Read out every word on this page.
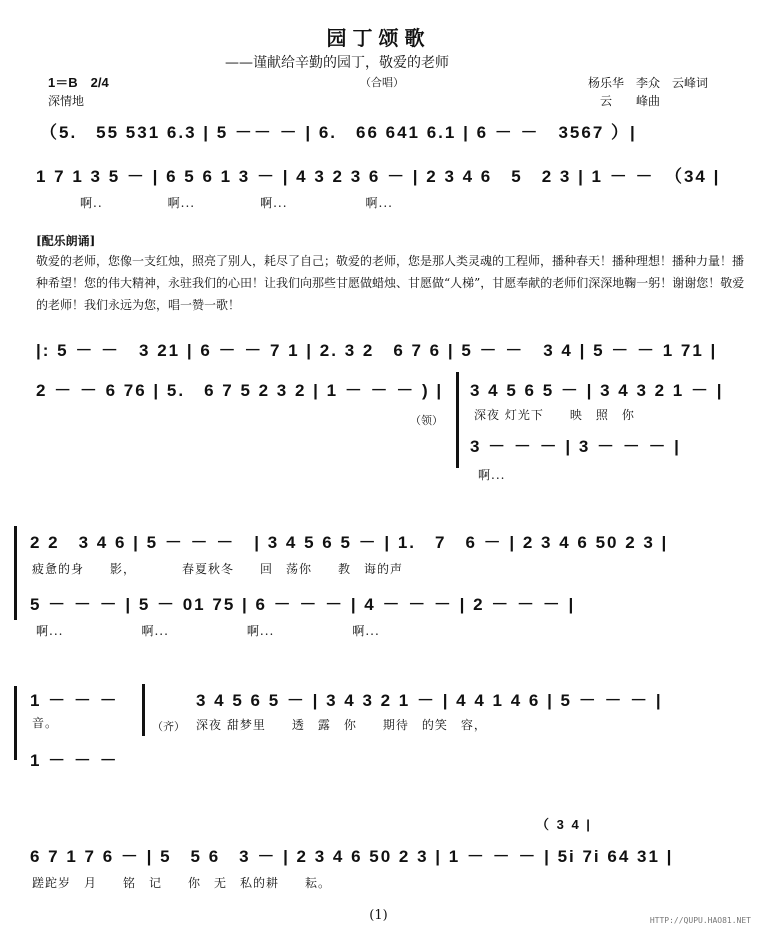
园丁颂歌
——谨献给辛勤的园丁，敬爱的老师
（合唱）
1＝B　2/4
深情地
杨乐华　李众　云峰词
云　　峰曲
（5.　55 531 6.3 | 5 －－ － | 6.　66 641 6.1 | 6 － －　3567 ）|
1 7 1 3 5 － | 6 5 6 1 3 － | 4 3 2 3 6 － | 2 3 4 6　5　2 3 | 1 － －　（34 |
啊..　　　　　啊...　　　　　啊...　　　　　　啊...
[配乐朗诵]
敬爱的老师，您像一支红烛，照亮了别人，耗尽了自己；敬爱的老师，您是那人类灵魂的工程师，播种春天！播种理想！播种力量！播种希望！您的伟大精神，永驻我们的心田！让我们向那些甘愿做蜡烛、甘愿做“人梯”，甘愿奉献的老师们深深地鞠一躬！谢谢您！敬爱的老师！我们永远为您，唱一赞一歌！
|: 5 － －　3 21 | 6 － － 7 1 | 2. 3 2　6 7 6 | 5 － －　3 4 | 5 － － 1 71 |
2 － － 6 76 | 5.　6 7 5 2 3 2 | 1 － － － ) |
（领）
3 4 5 6 5 － | 3 4 3 2 1 － |
深夜 灯光下　　映　照　你
3 － － － | 3 － － － |
啊...
2 2　3 4 6 | 5 － － －　| 3 4 5 6 5 － | 1.　7　6 － | 2 3 4 6 50 2 3 |
疲惫的身　　影，　　　　春夏秋冬　　回　荡你　　教　诲的声
5 － － － | 5 － 01 75 | 6 － － － | 4 － － － | 2 － － － |
啊...　　　　　　啊...　　　　　　啊...　　　　　　啊...
1 － － －
音。
1 － － －
（齐）
3 4 5 6 5 － | 3 4 3 2 1 － | 4 4 1 4 6 | 5 － － － |
深夜 甜梦里　　透　露　你　　期待　的笑　容，
（ 3 4 |
6 7 1 7 6 － | 5　5 6　3 － | 2 3 4 6 50 2 3 | 1 － － － | 5i 7i 64 31 |
蹉跎岁　月　　铭　记　　你　无　私的耕　　耘。
(1)	HTTP://QUPU.HAO81.NET
